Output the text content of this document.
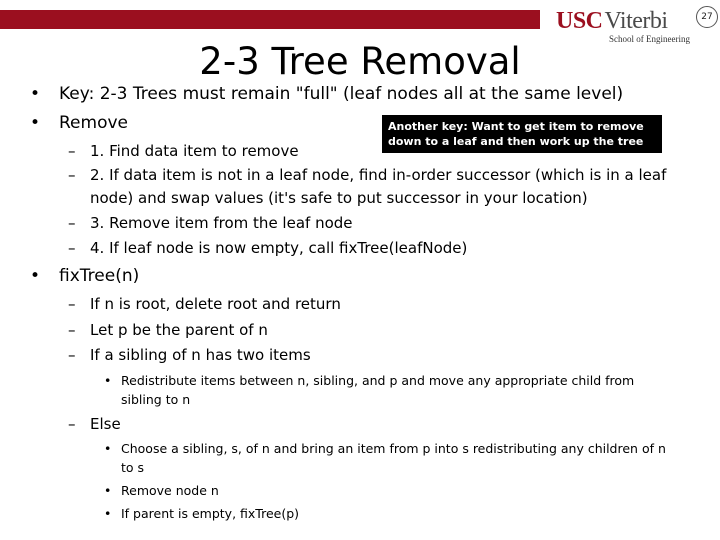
USCViterbi
School of Engineering
27
2-3 Tree Removal
Another key: Want to get item to remove
down to a leaf and then work up the tree
• Key: 2-3 Trees must remain "full" (leaf nodes all at the same level)
• Remove
– 1. Find data item to remove
– 2. If data item is not in a leaf node, find in-order successor (which is in a leaf
node) and swap values (it's safe to put successor in your location)
– 3. Remove item from the leaf node
– 4. If leaf node is now empty, call fixTree(leafNode)
• fixTree(n)
– If n is root, delete root and return
– Let p be the parent of n
– If a sibling of n has two items
• Redistribute items between n, sibling, and p and move any appropriate child from
sibling to n
– Else
• Choose a sibling, s, of n and bring an item from p into s redistributing any children of n
to s
• Remove node n
• If parent is empty, fixTree(p)
